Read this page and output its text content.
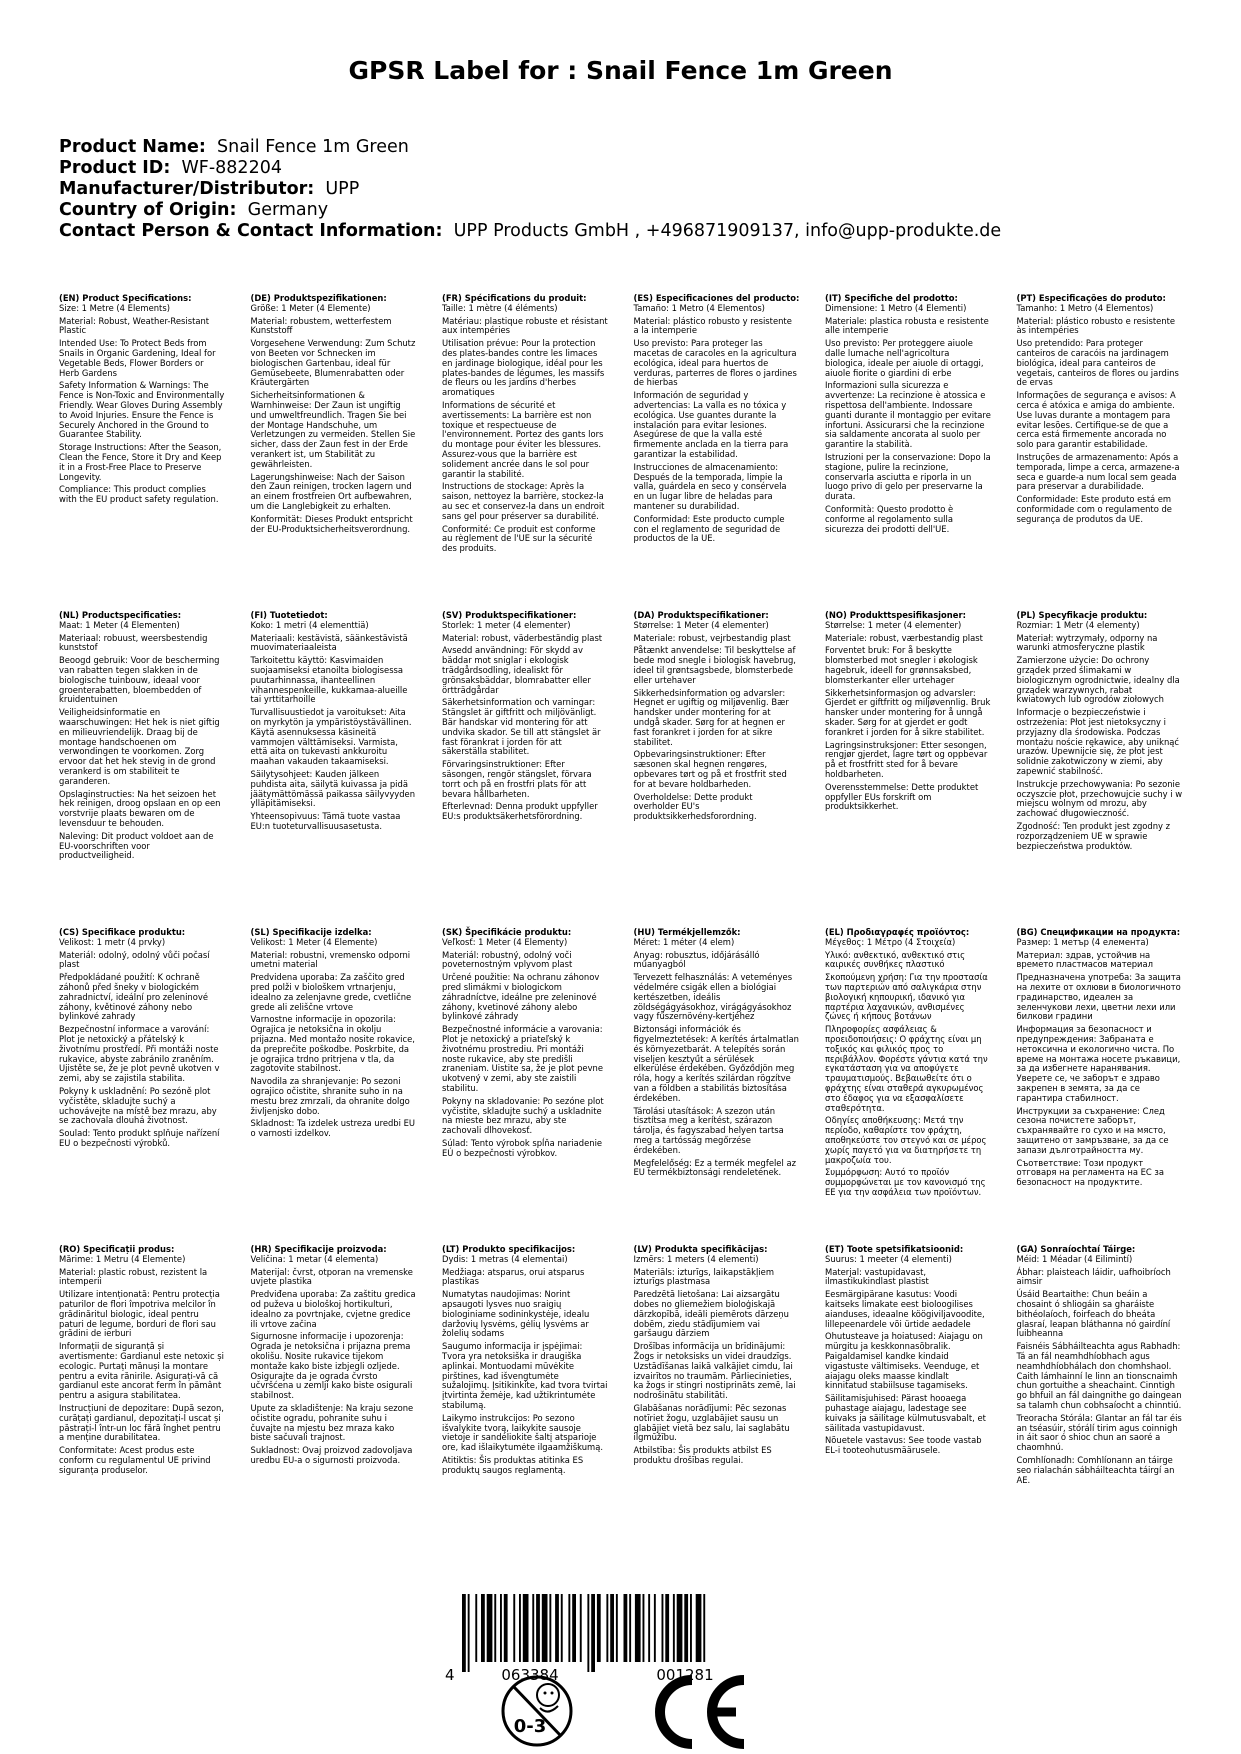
GPSR Label for : Snail Fence 1m Green
Product Name: Snail Fence 1m Green
Product ID: WF-882204
Manufacturer/Distributor: UPP
Country of Origin: Germany
Contact Person & Contact Information: UPP Products GmbH , +496871909137, info@upp-produkte.de
(EN) Product Specifications:

Size: 1 Metre (4 Elements)

Material: Robust, Weather-Resistant Plastic

Intended Use: To Protect Beds from Snails in Organic Gardening, Ideal for Vegetable Beds, Flower Borders or Herb Gardens

Safety Information & Warnings: The Fence is Non-Toxic and Environmentally Friendly. Wear Gloves During Assembly to Avoid Injuries. Ensure the Fence is Securely Anchored in the Ground to Guarantee Stability.

Storage Instructions: After the Season, Clean the Fence, Store it Dry and Keep it in a Frost-Free Place to Preserve Longevity.

Compliance: This product complies with the EU product safety regulation.

(DE) Produktspezifikationen:

Größe: 1 Meter (4 Elemente)

Material: robustem, wetterfestem Kunststoff

Vorgesehene Verwendung: Zum Schutz von Beeten vor Schnecken im biologischen Gartenbau, ideal für Gemüsebeete, Blumenrabatten oder Kräutergärten

Sicherheitsinformationen & Warnhinweise: Der Zaun ist ungiftig und umweltfreundlich. Tragen Sie bei der Montage Handschuhe, um Verletzungen zu vermeiden. Stellen Sie sicher, dass der Zaun fest in der Erde verankert ist, um Stabilität zu gewährleisten.

Lagerungshinweise: Nach der Saison den Zaun reinigen, trocken lagern und an einem frostfreien Ort aufbewahren, um die Langlebigkeit zu erhalten.

Konformität: Dieses Produkt entspricht der EU-Produktsicherheitsverordnung.

(FR) Spécifications du produit:

Taille: 1 mètre (4 éléments)

Matériau: plastique robuste et résistant aux intempéries

Utilisation prévue: Pour la protection des plates-bandes contre les limaces en jardinage biologique, idéal pour les plates-bandes de légumes, les massifs de fleurs ou les jardins d'herbes aromatiques

Informations de sécurité et avertissements: La barrière est non toxique et respectueuse de l'environnement. Portez des gants lors du montage pour éviter les blessures. Assurez-vous que la barrière est solidement ancrée dans le sol pour garantir la stabilité.

Instructions de stockage: Après la saison, nettoyez la barrière, stockez-la au sec et conservez-la dans un endroit sans gel pour préserver sa durabilité.

Conformité: Ce produit est conforme au règlement de l'UE sur la sécurité des produits.

(ES) Especificaciones del producto:

Tamaño: 1 Metro (4 Elementos)

Material: plástico robusto y resistente a la intemperie

Uso previsto: Para proteger las macetas de caracoles en la agricultura ecológica, ideal para huertos de verduras, parterres de flores o jardines de hierbas

Información de seguridad y advertencias: La valla es no tóxica y ecológica. Use guantes durante la instalación para evitar lesiones. Asegúrese de que la valla esté firmemente anclada en la tierra para garantizar la estabilidad.

Instrucciones de almacenamiento: Después de la temporada, limpie la valla, guárdela en seco y consérvela en un lugar libre de heladas para mantener su durabilidad.

Conformidad: Este producto cumple con el reglamento de seguridad de productos de la UE.

(IT) Specifiche del prodotto:

Dimensione: 1 Metro (4 Elementi)

Materiale: plastica robusta e resistente alle intemperie

Uso previsto: Per proteggere aiuole dalle lumache nell'agricoltura biologica, ideale per aiuole di ortaggi, aiuole fiorite o giardini di erbe

Informazioni sulla sicurezza e avvertenze: La recinzione è atossica e rispettosa dell'ambiente. Indossare guanti durante il montaggio per evitare infortuni. Assicurarsi che la recinzione sia saldamente ancorata al suolo per garantire la stabilità.

Istruzioni per la conservazione: Dopo la stagione, pulire la recinzione, conservarla asciutta e riporla in un luogo privo di gelo per preservarne la durata.

Conformità: Questo prodotto è conforme al regolamento sulla sicurezza dei prodotti dell'UE.

(PT) Especificações do produto:

Tamanho: 1 Metro (4 Elementos)

Material: plástico robusto e resistente às intempéries

Uso pretendido: Para proteger canteiros de caracóis na jardinagem biológica, ideal para canteiros de vegetais, canteiros de flores ou jardins de ervas

Informações de segurança e avisos: A cerca é atóxica e amiga do ambiente. Use luvas durante a montagem para evitar lesões. Certifique-se de que a cerca está firmemente ancorada no solo para garantir estabilidade.

Instruções de armazenamento: Após a temporada, limpe a cerca, armazene-a seca e guarde-a num local sem geada para preservar a durabilidade.

Conformidade: Este produto está em conformidade com o regulamento de segurança de produtos da UE.

(NL) Productspecificaties:

Maat: 1 Meter (4 Elementen)

Materiaal: robuust, weersbestendig kunststof

Beoogd gebruik: Voor de bescherming van rabatten tegen slakken in de biologische tuinbouw, ideaal voor groenterabatten, bloembedden of kruidentuinen

Veiligheidsinformatie en waarschuwingen: Het hek is niet giftig en milieuvriendelijk. Draag bij de montage handschoenen om verwondingen te voorkomen. Zorg ervoor dat het hek stevig in de grond verankerd is om stabiliteit te garanderen.

Opslaginstructies: Na het seizoen het hek reinigen, droog opslaan en op een vorstvrije plaats bewaren om de levensduur te behouden.

Naleving: Dit product voldoet aan de EU-voorschriften voor productveiligheid.

(FI) Tuotetiedot:

Koko: 1 metri (4 elementtiä)

Materiaali: kestävistä, säänkestävistä muovimateriaaleista

Tarkoitettu käyttö: Kasvimaiden suojaamiseksi etanoilta biologisessa puutarhinnassa, ihanteellinen vihannespenkeille, kukkamaa-alueille tai yrttitarhoille

Turvallisuustiedot ja varoitukset: Aita on myrkytön ja ympäristöystävällinen. Käytä asennuksessa käsineitä vammojen välttämiseksi. Varmista, että aita on tukevasti ankkuroitu maahan vakauden takaamiseksi.

Säilytysohjeet: Kauden jälkeen puhdista aita, säilytä kuivassa ja pidä jäätymättömässä paikassa säilyvyyden ylläpitämiseksi.

Yhteensopivuus: Tämä tuote vastaa EU:n tuoteturvallisuusasetusta.

(SV) Produktspecifikationer:

Storlek: 1 meter (4 elementer)

Material: robust, väderbeständig plast

Avsedd användning: För skydd av bäddar mot sniglar i ekologisk trädgårdsodling, idealiskt för grönsaksbäddar, blomrabatter eller örtträdgårdar

Säkerhetsinformation och varningar: Stängslet är giftfritt och miljövänligt. Bär handskar vid montering för att undvika skador. Se till att stängslet är fast förankrat i jorden för att säkerställa stabilitet.

Förvaringsinstruktioner: Efter säsongen, rengör stängslet, förvara torrt och på en frostfri plats för att bevara hållbarheten.

Efterlevnad: Denna produkt uppfyller EU:s produktsäkerhetsförordning.

(DA) Produktspecifikationer:

Størrelse: 1 Meter (4 elementer)

Materiale: robust, vejrbestandig plast

Påtænkt anvendelse: Til beskyttelse af bede mod snegle i biologisk havebrug, ideel til grøntsagsbede, blomsterbede eller urtehaver

Sikkerhedsinformation og advarsler: Hegnet er ugiftig og miljøvenlig. Bær handsker under montering for at undgå skader. Sørg for at hegnen er fast forankret i jorden for at sikre stabilitet.

Opbevaringsinstruktioner: Efter sæsonen skal hegnen rengøres, opbevares tørt og på et frostfrit sted for at bevare holdbarheden.

Overholdelse: Dette produkt overholder EU's produktsikkerhedsforordning.

(NO) Produkttspesifikasjoner:

Størrelse: 1 meter (4 elementer)

Materiale: robust, værbestandig plast

Forventet bruk: For å beskytte blomsterbed mot snegler i økologisk hagebruk, ideell for grønnsaksbed, blomsterkanter eller urtehager

Sikkerhetsinformasjon og advarsler: Gjerdet er giftfritt og miljøvennlig. Bruk hansker under montering for å unngå skader. Sørg for at gjerdet er godt forankret i jorden for å sikre stabilitet.

Lagringsinstruksjoner: Etter sesongen, rengjør gjerdet, lagre tørt og oppbevar på et frostfritt sted for å bevare holdbarheten.

Overensstemmelse: Dette produktet oppfyller EUs forskrift om produktsikkerhet.

(PL) Specyfikacje produktu:

Rozmiar: 1 Metr (4 elementy)

Materiał: wytrzymały, odporny na warunki atmosferyczne plastik

Zamierzone użycie: Do ochrony grządek przed ślimakami w biologicznym ogrodnictwie, idealny dla grządek warzywnych, rabat kwiatowych lub ogrodów ziołowych

Informacje o bezpieczeństwie i ostrzeżenia: Płot jest nietoksyczny i przyjazny dla środowiska. Podczas montażu noście rękawice, aby uniknąć urazów. Upewnijcie się, że płot jest solidnie zakotwiczony w ziemi, aby zapewnić stabilność.

Instrukcje przechowywania: Po sezonie oczyszcie płot, przechowujcie suchy i w miejscu wolnym od mrozu, aby zachować długowieczność.

Zgodność: Ten produkt jest zgodny z rozporządzeniem UE w sprawie bezpieczeństwa produktów.

(CS) Specifikace produktu:

Velikost: 1 metr (4 prvky)

Materiál: odolný, odolný vůči počasí plast

Předpokládané použití: K ochraně záhonů před šneky v biologickém zahradnictví, ideální pro zeleninové záhony, květinové záhony nebo bylinkové zahrady

Bezpečnostní informace a varování: Plot je netoxický a přátelský k životnímu prostředí. Při montáži noste rukavice, abyste zabránilo zraněním. Ujistěte se, že je plot pevně ukotven v zemi, aby se zajistila stabilita.

Pokyny k uskladnění: Po sezóně plot vyčistěte, skladujte suchý a uchovávejte na místě bez mrazu, aby se zachovala dlouhá životnost.

Soulad: Tento produkt splňuje nařízení EU o bezpečnosti výrobků.

(SL) Specifikacije izdelka:

Velikost: 1 Meter (4 Elemente)

Material: robustni, vremensko odporni umetni material

Predvidena uporaba: Za zaščito gred pred polži v biološkem vrtnarjenju, idealno za zelenjavne grede, cvetlične grede ali zeliščne vrtove

Varnostne informacije in opozorila: Ograjica je netoksična in okolju prijazna. Med montažo nosite rokavice, da preprečite poškodbe. Poskrbite, da je ograjica trdno pritrjena v tla, da zagotovite stabilnost.

Navodila za shranjevanje: Po sezoni ograjico očistite, shranite suho in na mestu brez zmrzali, da ohranite dolgo življenjsko dobo.

Skladnost: Ta izdelek ustreza uredbi EU o varnosti izdelkov.

(SK) Špecifikácie produktu:

Veľkosť: 1 Meter (4 Elementy)

Materiál: robustný, odolný voči poveternostným vplyvom plast

Určené použitie: Na ochranu záhonov pred slimákmi v biologickom záhradníctve, ideálne pre zeleninové záhony, kvetinové záhony alebo bylinkové záhrady

Bezpečnostné informácie a varovania: Plot je netoxický a priateľský k životnému prostrediu. Pri montáži noste rukavice, aby ste predišli zraneniam. Uistite sa, že je plot pevne ukotvený v zemi, aby ste zaistili stabilitu.

Pokyny na skladovanie: Po sezóne plot vyčistite, skladujte suchý a uskladnite na mieste bez mrazu, aby ste zachovali dlhovekosť.

Súlad: Tento výrobok spĺňa nariadenie EÚ o bezpečnosti výrobkov.

(HU) Termékjellemzők:

Méret: 1 méter (4 elem)

Anyag: robusztus, időjárásálló műanyagból

Tervezett felhasználás: A veteményes védelmére csigák ellen a biológiai kertészetben, ideális zöldségágyásokhoz, virágágyásokhoz vagy fűszernövény-kertjéhez

Biztonsági információk és figyelmeztetések: A kerítés ártalmatlan és környezetbarát. A telepítés során viseljen kesztyűt a sérülések elkerülése érdekében. Győződjön meg róla, hogy a kerítés szilárdan rögzítve van a földben a stabilitás biztosítása érdekében.

Tárolási utasítások: A szezon után tisztítsa meg a kerítést, szárazon tárolja, és fagyszabad helyen tartsa meg a tartósság megőrzése érdekében.

Megfelelőség: Ez a termék megfelel az EU termékbiztonsági rendeletének.

(EL) Προδιαγραφές προϊόντος:

Μέγεθος: 1 Μέτρο (4 Στοιχεία)

Υλικό: ανθεκτικό, ανθεκτικό στις καιρικές συνθήκες πλαστικό

Σκοπούμενη χρήση: Για την προστασία των παρτεριών από σαλιγκάρια στην βιολογική κηπουρική, ιδανικό για παρτέρια λαχανικών, ανθισμένες ζώνες ή κήπους βοτάνων

Πληροφορίες ασφάλειας & προειδοποιήσεις: Ο φράχτης είναι μη τοξικός και φιλικός προς το περιβάλλον. Φορέστε γάντια κατά την εγκατάσταση για να αποφύγετε τραυματισμούς. Βεβαιωθείτε ότι ο φράχτης είναι σταθερά αγκυρωμένος στο έδαφος για να εξασφαλίσετε σταθερότητα.

Οδηγίες αποθήκευσης: Μετά την περίοδο, καθαρίστε τον φράχτη, αποθηκεύστε τον στεγνό και σε μέρος χωρίς παγετό για να διατηρήσετε τη μακροζωία του.

Συμμόρφωση: Αυτό το προϊόν συμμορφώνεται με τον κανονισμό της ΕΕ για την ασφάλεια των προϊόντων.

(BG) Спецификации на продукта:

Размер: 1 метър (4 елемента)

Материал: здрав, устойчив на времето пластмасов материал

Предназначена употреба: За защита на лехите от охлюви в биологичното градинарство, идеален за зеленчукови лехи, цветни лехи или билкови градини

Информация за безопасност и предупреждения: Забраната е нетоксична и екологично чиста. По време на монтажа носете ръкавици, за да избегнете наранявания. Уверете се, че заборът е здраво закрепен в земята, за да се гарантира стабилност.

Инструкции за съхранение: След сезона почистете заборът, съхранявайте го сухо и на място, защитено от замръзване, за да се запази дълготрайността му.

Съответствие: Този продукт отговаря на регламента на ЕС за безопасност на продуктите.

(RO) Specificații produs:

Mărime: 1 Metru (4 Elemente)

Material: plastic robust, rezistent la intemperii

Utilizare intenționată: Pentru protecția paturilor de flori împotriva melcilor în grădinăritul biologic, ideal pentru paturi de legume, borduri de flori sau grădini de ierburi

Informații de siguranță și avertismente: Gardianul este netoxic și ecologic. Purtați mănuși la montare pentru a evita rănirile. Asigurați-vă că gardianul este ancorat ferm în pământ pentru a asigura stabilitatea.

Instrucțiuni de depozitare: După sezon, curățați gardianul, depozitați-l uscat și păstrați-l într-un loc fără înghet pentru a menține durabilitatea.

Conformitate: Acest produs este conform cu regulamentul UE privind siguranța produselor.

(HR) Specifikacije proizvoda:

Veličina: 1 metar (4 elementa)

Materijal: čvrst, otporan na vremenske uvjete plastika

Predviđena uporaba: Za zaštitu gredica od puževa u biološkoj hortikulturi, idealno za povrtnjake, cvjetne gredice ili vrtove začina

Sigurnosne informacije i upozorenja: Ograda je netoksična i prijazna prema okolišu. Nosite rukavice tijekom montaže kako biste izbjegli ozljede. Osigurajte da je ograda čvrsto učvršćena u zemlji kako biste osigurali stabilnost.

Upute za skladištenje: Na kraju sezone očistite ogradu, pohranite suhu i čuvajte na mjestu bez mraza kako biste sačuvali trajnost.

Sukladnost: Ovaj proizvod zadovoljava uredbu EU-a o sigurnosti proizvoda.

(LT) Produkto specifikacijos:

Dydis: 1 metras (4 elementai)

Medžiaga: atsparus, orui atsparus plastikas

Numatytas naudojimas: Norint apsaugoti lysves nuo sraigių biologiniame sodininkystėje, idealu daržovių lysvėms, gėlių lysvėms ar žolelių sodams

Saugumo informacija ir įspėjimai: Tvora yra netoksiška ir draugiška aplinkai. Montuodami mūvėkite pirštines, kad išvengtumėte sužalojimų. Įsitikinkite, kad tvora tvirtai įtvirtinta žemėje, kad užtikrintumėte stabilumą.

Laikymo instrukcijos: Po sezono išvalykite tvorą, laikykite sausoje vietoje ir sandėliokite šaltį atsparioje ore, kad išlaikytumėte ilgaamžiškumą.

Atitiktis: Šis produktas atitinka ES produktų saugos reglamentą.

(LV) Produkta specifikācijas:

Izmērs: 1 meters (4 elementi)

Materiāls: izturīgs, laikapstākļiem izturīgs plastmasa

Paredzētā lietošana: Lai aizsargātu dobes no gliemežiem bioloģiskajā dārzkopībā, ideāli piemērots dārzeņu dobēm, ziedu stādījumiem vai garšaugu dārziem

Drošības informācija un brīdinājumi: Žogs ir netoksisks un videi draudzīgs. Uzstādīšanas laikā valkājiet cimdu, lai izvairītos no traumām. Pārliecinieties, ka žogs ir stingri nostiprināts zemē, lai nodrošinātu stabilitāti.

Glabāšanas norādījumi: Pēc sezonas notīriet žogu, uzglabājiet sausu un glabājiet vietā bez salu, lai saglabātu ilgmūžību.

Atbilstība: Šis produkts atbilst ES produktu drošības regulai.

(ET) Toote spetsifikatsioonid:

Suurus: 1 meeter (4 elementi)

Materjal: vastupidavast, ilmastikukindlast plastist

Eesmärgipärane kasutus: Voodi kaitseks limakate eest bioloogilises aianduses, ideaalne köögiviljavoodite, lillepeenardele või ürtide aedadele

Ohutusteave ja hoiatused: Aiajagu on mürgitu ja keskkonnasõbralik. Paigaldamisel kandke kindaid vigastuste vältimiseks. Veenduge, et aiajagu oleks maasse kindlalt kinnitatud stabiilsuse tagamiseks.

Säilitamisjuhised: Pärast hooaega puhastage aiajagu, ladestage see kuivaks ja säilitage külmutusvabalt, et säilitada vastupidavust.

Nõuetele vastavus: See toode vastab EL-i tooteohutusmäärusele.

(GA) Sonraíochtaí Táirge:

Méid: 1 Méadar (4 Eilimintí)

Ábhar: plaisteach láidir, uafhoibríoch aimsir

Úsáid Beartaithe: Chun beáin a chosaint ó shliogáin sa gharáiste bithéolaíoch, foirfeach do bheáta glasraí, leapan bláthanna nó gairdíní luibheanna

Faisnéis Sábháilteachta agus Rabhadh: Tá an fál neamhdhíobhach agus neamhdhíobhálach don chomhshaol. Caith lámhainní le linn an tionscnaimh chun gortuithe a sheachaint. Cinntigh go bhfuil an fál daingnithe go daingean sa talamh chun cobhsaíocht a chinntiú.

Treoracha Stórála: Glantar an fál tar éis an tséasúir, stórálí tirim agus coinnigh in áit saor ó shioc chun an saoré a chaomhnú.

Comhlíonadh: Comhlíonann an táirge seo rialachán sábháilteachta táirgí an AE.

4	063384	001281
0-3
